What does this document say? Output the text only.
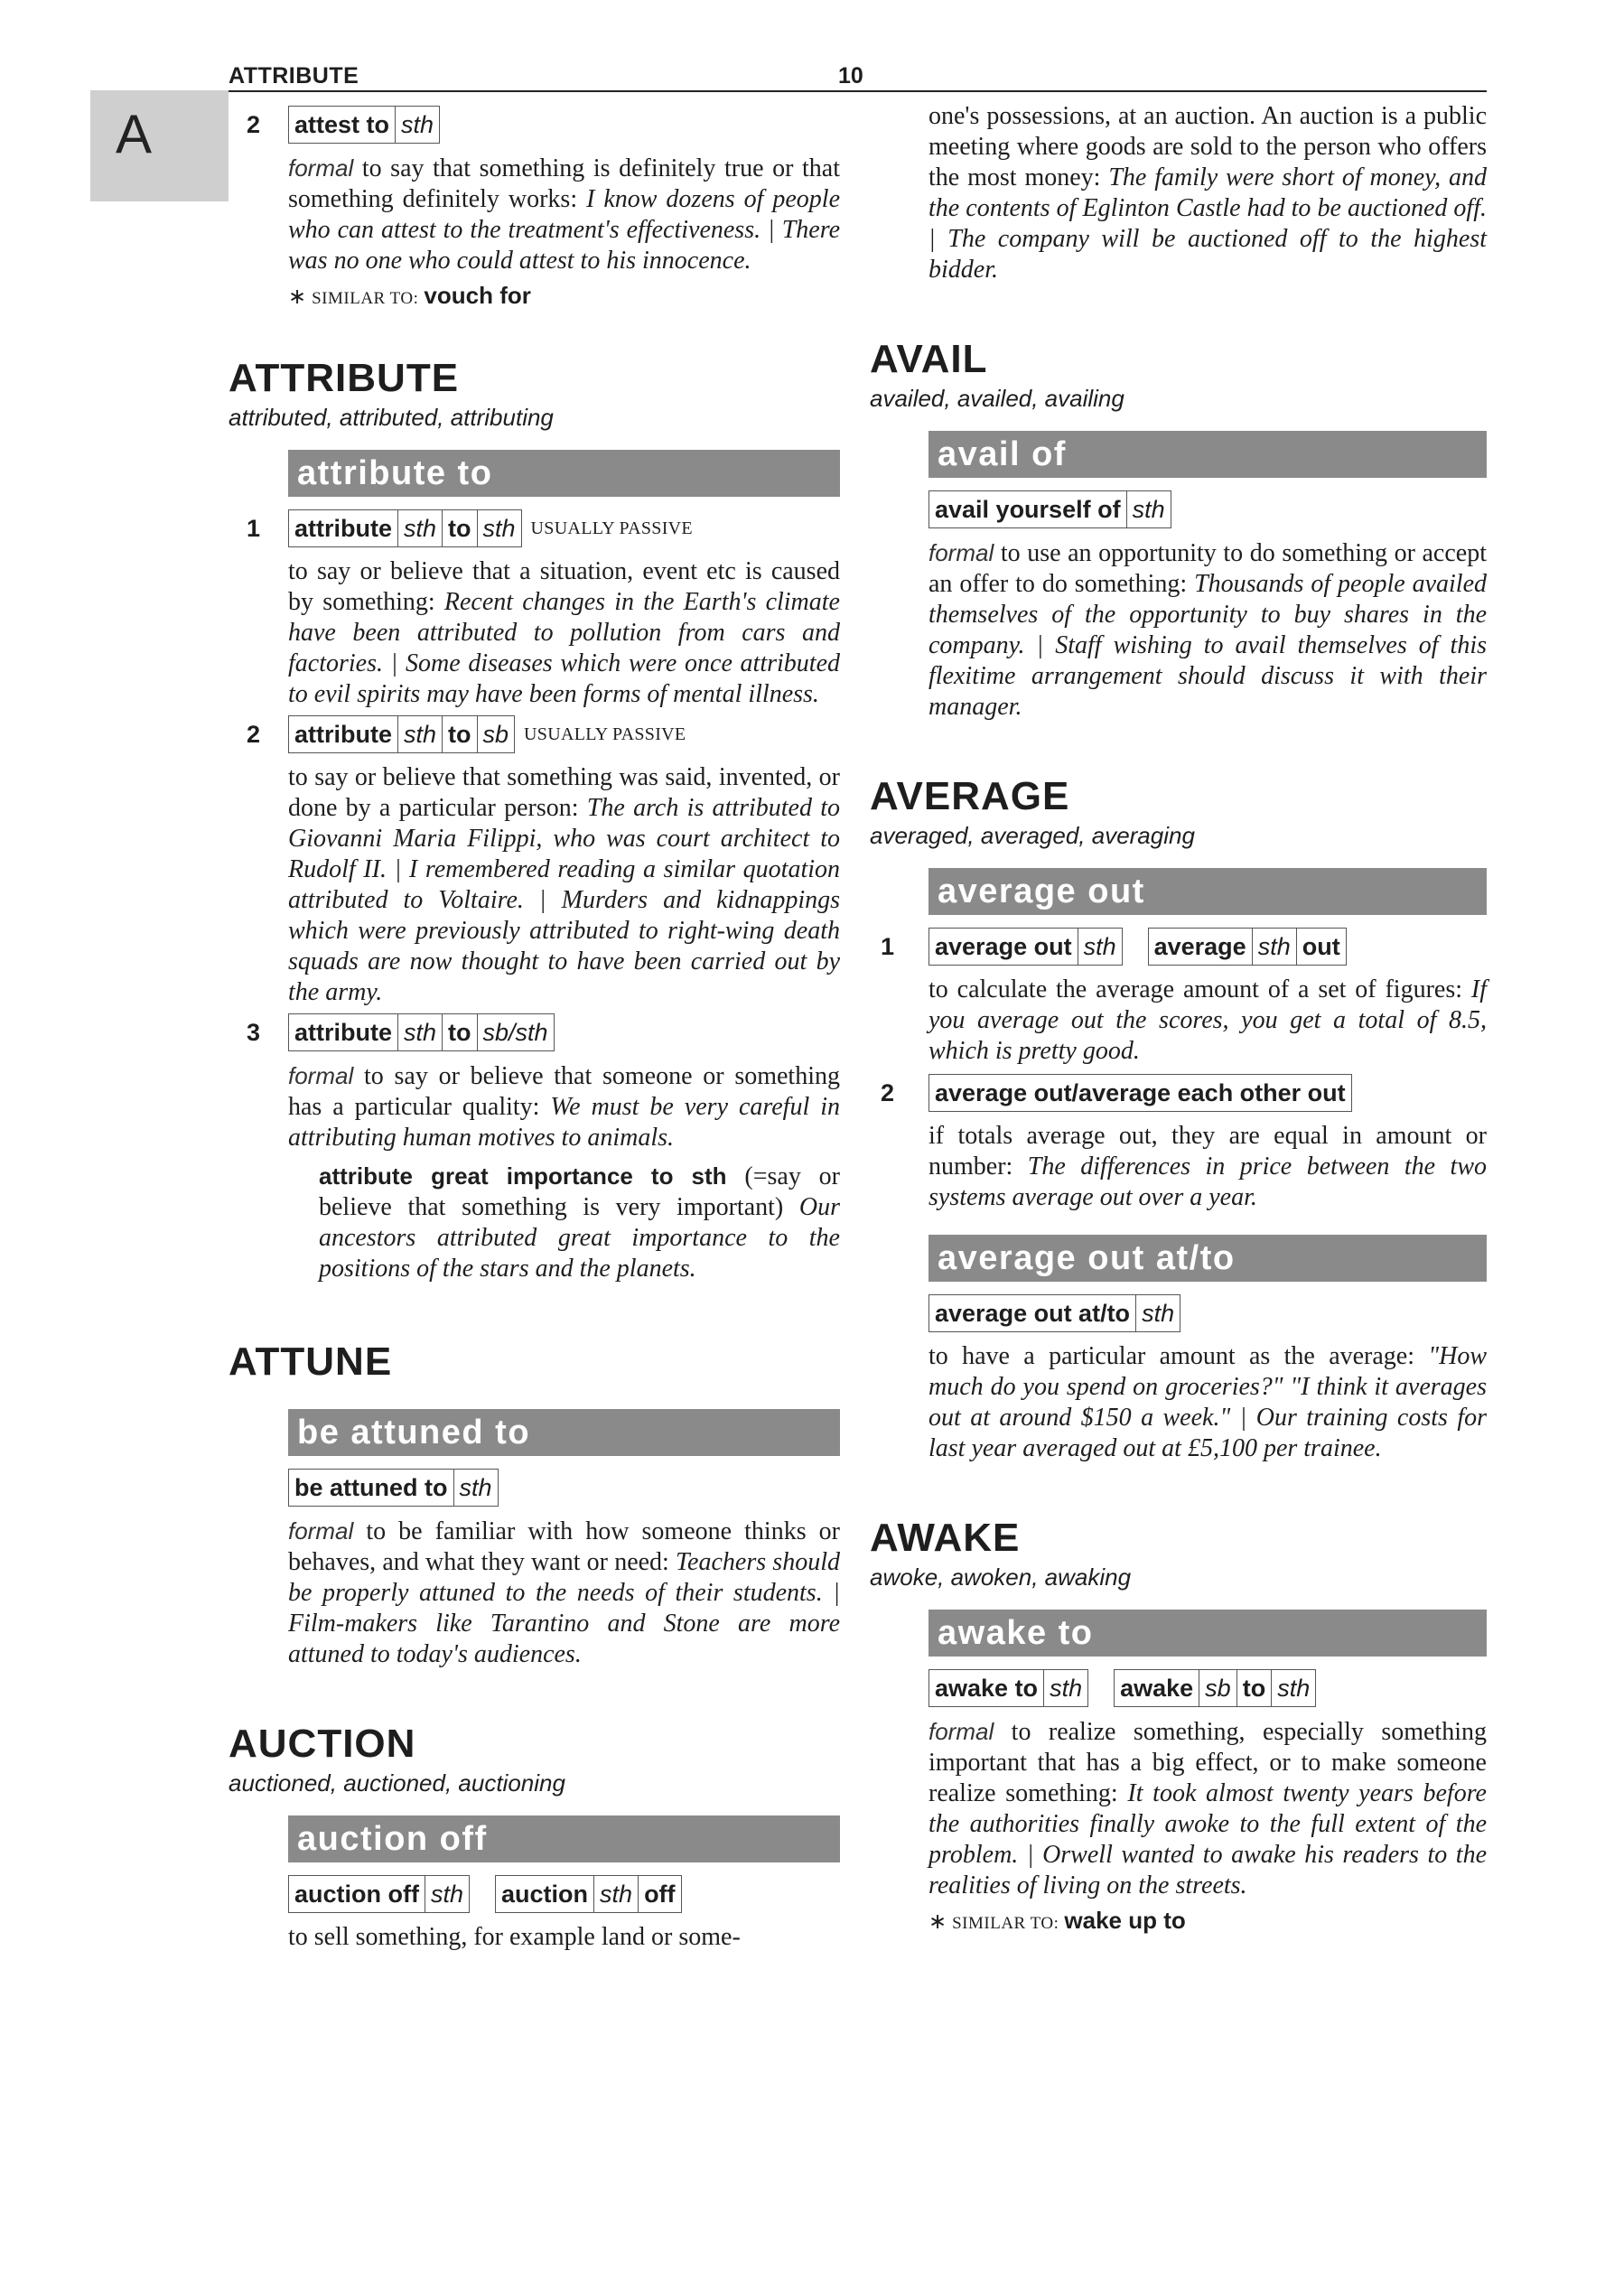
A
ATTRIBUTE	10
2 attest to sth
formal to say that something is definitely true or that something definitely works: I know dozens of people who can attest to the treatment's effectiveness. | There was no one who could attest to his innocence.
∗ SIMILAR TO: vouch for
ATTRIBUTE
attributed, attributed, attributing
attribute to
1 attribute sth to sth USUALLY PASSIVE
to say or believe that a situation, event etc is caused by something: Recent changes in the Earth's climate have been attributed to pollution from cars and factories. | Some diseases which were once attributed to evil spirits may have been forms of mental illness.
2 attribute sth to sb USUALLY PASSIVE
to say or believe that something was said, invented, or done by a particular person: The arch is attributed to Giovanni Maria Filippi, who was court architect to Rudolf II. | I remembered reading a similar quotation attributed to Voltaire. | Murders and kidnappings which were previously attributed to right-wing death squads are now thought to have been carried out by the army.
3 attribute sth to sb/sth
formal to say or believe that someone or something has a particular quality: We must be very careful in attributing human motives to animals.
attribute great importance to sth (=say or believe that something is very important) Our ancestors attributed great importance to the positions of the stars and the planets.
ATTUNE
be attuned to
be attuned to sth
formal to be familiar with how someone thinks or behaves, and what they want or need: Teachers should be properly attuned to the needs of their students. | Film-makers like Tarantino and Stone are more attuned to today's audiences.
AUCTION
auctioned, auctioned, auctioning
auction off
auction off sth auction sth off
to sell something, for example land or some-
one's possessions, at an auction. An auction is a public meeting where goods are sold to the person who offers the most money: The family were short of money, and the contents of Eglinton Castle had to be auctioned off. | The company will be auctioned off to the highest bidder.
AVAIL
availed, availed, availing
avail of
avail yourself of sth
formal to use an opportunity to do something or accept an offer to do something: Thousands of people availed themselves of the opportunity to buy shares in the company. | Staff wishing to avail themselves of this flexitime arrangement should discuss it with their manager.
AVERAGE
averaged, averaged, averaging
average out
1 average out sth average sth out
to calculate the average amount of a set of figures: If you average out the scores, you get a total of 8.5, which is pretty good.
2 average out/average each other out
if totals average out, they are equal in amount or number: The differences in price between the two systems average out over a year.
average out at/to
average out at/to sth
to have a particular amount as the average: "How much do you spend on groceries?" "I think it averages out at around $150 a week." | Our training costs for last year averaged out at £5,100 per trainee.
AWAKE
awoke, awoken, awaking
awake to
awake to sth awake sb to sth
formal to realize something, especially something important that has a big effect, or to make someone realize something: It took almost twenty years before the authorities finally awoke to the full extent of the problem. | Orwell wanted to awake his readers to the realities of living on the streets.
∗ SIMILAR TO: wake up to
